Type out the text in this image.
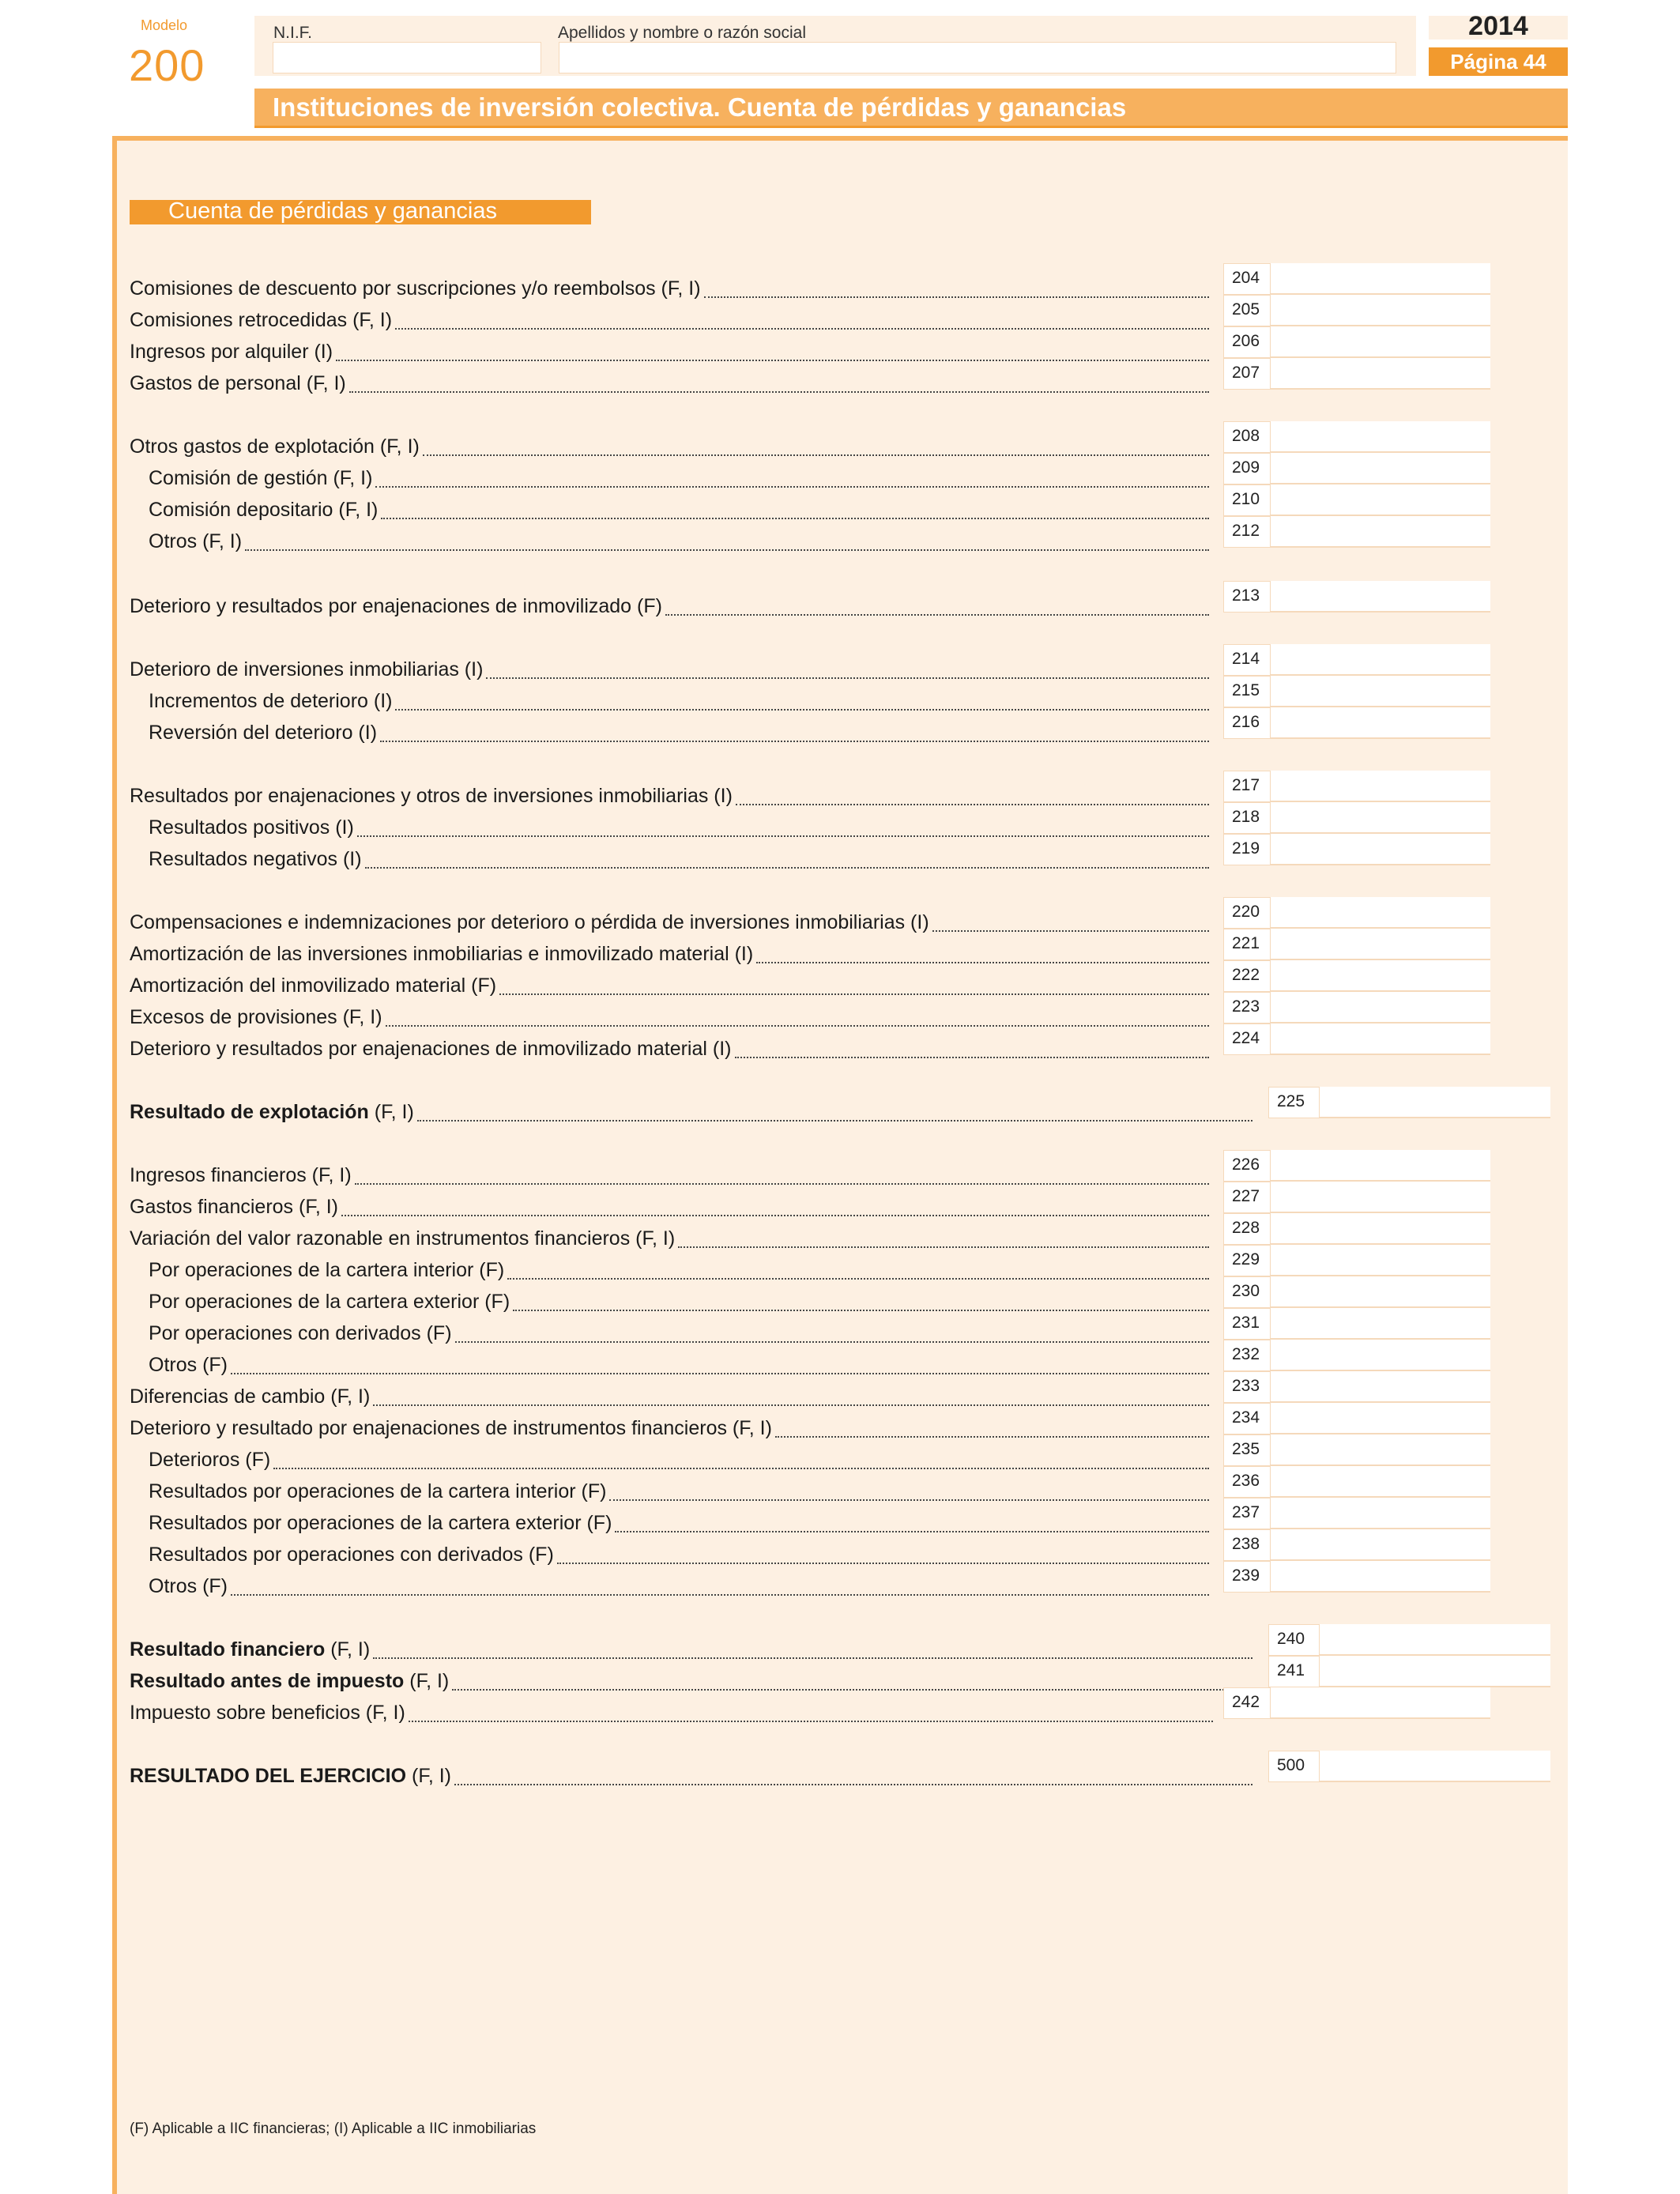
Modelo
200
N.I.F.	Apellidos y nombre o razón social	2014
Página 44
Instituciones de inversión colectiva. Cuenta de pérdidas y ganancias
Cuenta de pérdidas y ganancias
Comisiones de descuento por suscripciones y/o reembolsos (F, I)	204
Comisiones retrocedidas (F, I)	205
Ingresos por alquiler (I)	206
Gastos de personal (F, I)	207
Otros gastos de explotación (F, I)	208
Comisión de gestión (F, I)	209
Comisión depositario (F, I)	210
Otros (F, I)	212
Deterioro y resultados por enajenaciones de inmovilizado (F)	213
Deterioro de inversiones inmobiliarias (I)	214
Incrementos de deterioro (I)	215
Reversión del deterioro (I)	216
Resultados por enajenaciones y otros de inversiones inmobiliarias (I)	217
Resultados positivos (I)	218
Resultados negativos (I)	219
Compensaciones e indemnizaciones por deterioro o pérdida de inversiones inmobiliarias (I)	220
Amortización de las inversiones inmobiliarias e inmovilizado material (I)	221
Amortización del inmovilizado material (F)	222
Excesos de provisiones (F, I)	223
Deterioro y resultados por enajenaciones de inmovilizado material (I)	224
Resultado de explotación (F, I)	225
Ingresos financieros (F, I)	226
Gastos financieros (F, I)	227
Variación del valor razonable en instrumentos financieros (F, I)	228
Por operaciones de la cartera interior (F)	229
Por operaciones de la cartera exterior (F)	230
Por operaciones con derivados (F)	231
Otros (F)	232
Diferencias de cambio (F, I)	233
Deterioro y resultado por enajenaciones de instrumentos financieros (F, I)	234
Deterioros (F)	235
Resultados por operaciones de la cartera interior (F)	236
Resultados por operaciones de la cartera exterior (F)	237
Resultados por operaciones con derivados (F)	238
Otros (F)	239
Resultado financiero (F, I)	240
Resultado antes de impuesto (F, I)	241
Impuesto sobre beneficios (F, I)	242
RESULTADO DEL EJERCICIO (F, I)	500
(F) Aplicable a IIC financieras; (I) Aplicable a IIC inmobiliarias
